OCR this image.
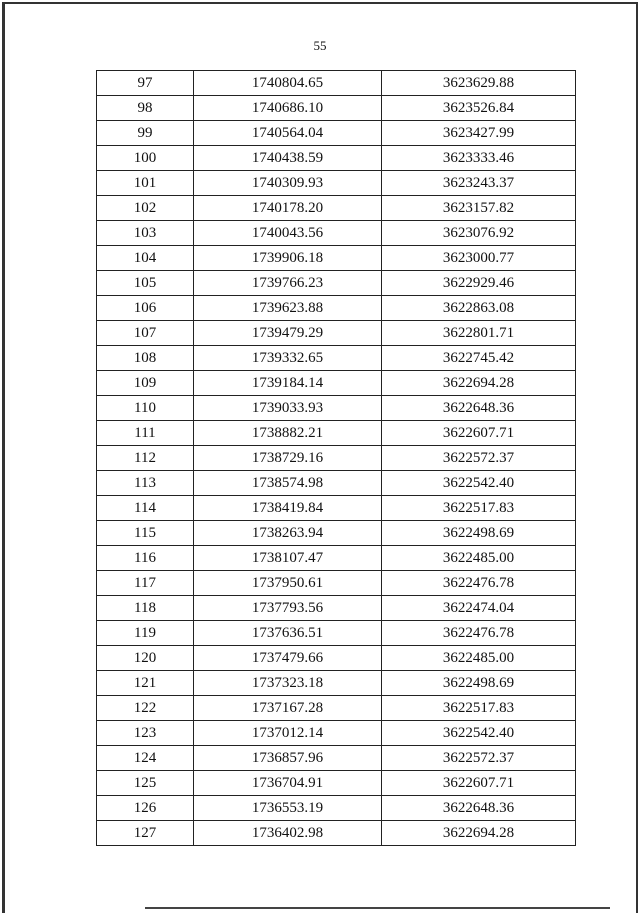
55
97	1740804.65	3623629.88
98	1740686.10	3623526.84
99	1740564.04	3623427.99
100	1740438.59	3623333.46
101	1740309.93	3623243.37
102	1740178.20	3623157.82
103	1740043.56	3623076.92
104	1739906.18	3623000.77
105	1739766.23	3622929.46
106	1739623.88	3622863.08
107	1739479.29	3622801.71
108	1739332.65	3622745.42
109	1739184.14	3622694.28
110	1739033.93	3622648.36
111	1738882.21	3622607.71
112	1738729.16	3622572.37
113	1738574.98	3622542.40
114	1738419.84	3622517.83
115	1738263.94	3622498.69
116	1738107.47	3622485.00
117	1737950.61	3622476.78
118	1737793.56	3622474.04
119	1737636.51	3622476.78
120	1737479.66	3622485.00
121	1737323.18	3622498.69
122	1737167.28	3622517.83
123	1737012.14	3622542.40
124	1736857.96	3622572.37
125	1736704.91	3622607.71
126	1736553.19	3622648.36
127	1736402.98	3622694.28
